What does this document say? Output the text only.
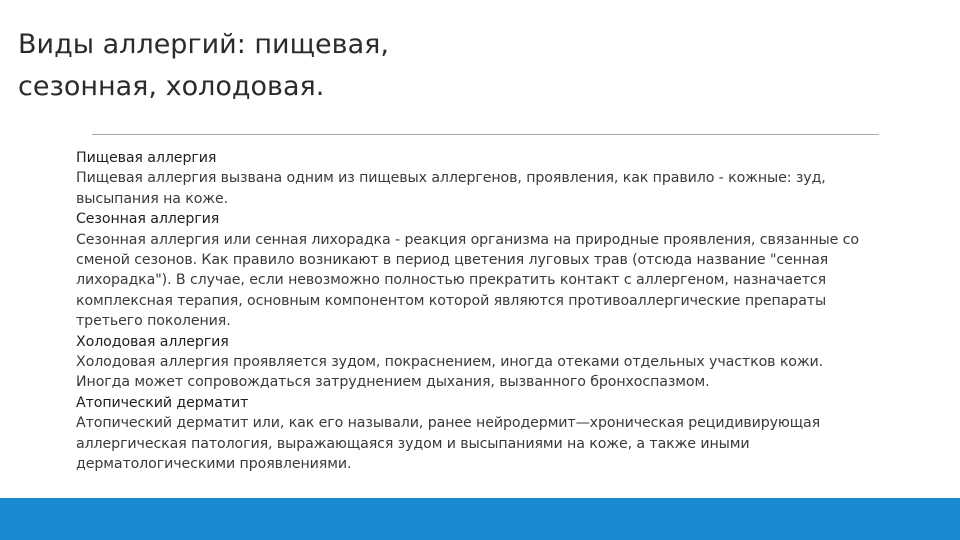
Виды аллергий: пищевая,
сезонная, холодовая.
Пищевая аллергия
Пищевая аллергия вызвана одним из пищевых аллергенов, проявления, как правило - кожные: зуд, высыпания на коже.
Сезонная аллергия
Сезонная аллергия или сенная лихорадка - реакция организма на природные проявления, связанные со сменой сезонов. Как правило возникают в период цветения луговых трав (отсюда название "сенная лихорадка"). В случае, если невозможно полностью прекратить контакт с аллергеном, назначается комплексная терапия, основным компонентом которой являются противоаллергические препараты третьего поколения.
Холодовая аллергия
Холодовая аллергия проявляется зудом, покраснением, иногда отеками отдельных участков кожи. Иногда может сопровождаться затруднением дыхания, вызванного бронхоспазмом.
Атопический дерматит
Атопический дерматит или, как его называли, ранее нейродермит—хроническая рецидивирующая аллергическая патология, выражающаяся зудом и высыпаниями на коже, а также иными дерматологическими проявлениями.
